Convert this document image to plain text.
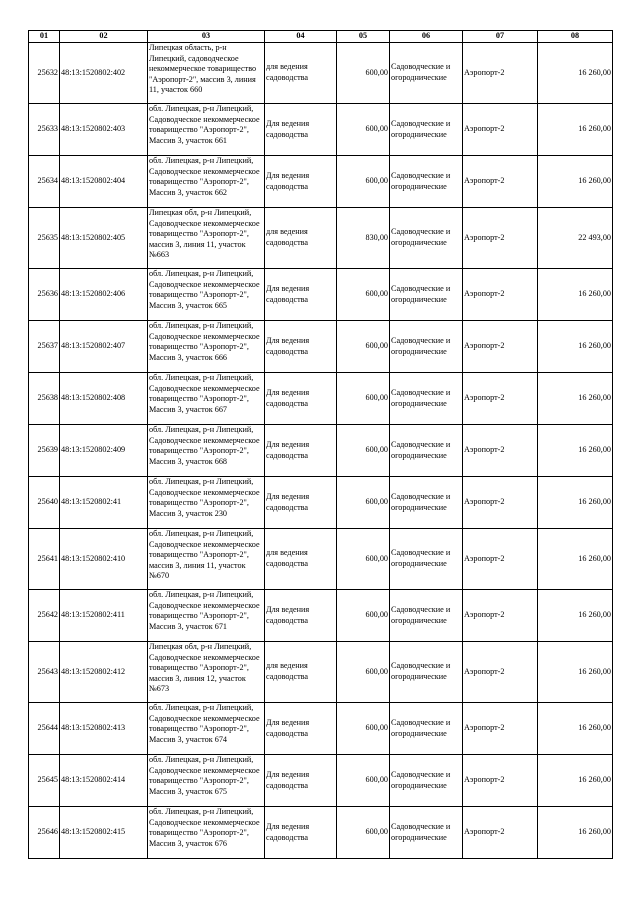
01	02	03	04	05	06	07	08
25632	48:13:1520802:402	Липецкая область, р-н Липецкий, садоводческое некоммерческое товарищество "Аэропорт-2", массив 3, линия 11, участок 660	для ведения садоводства	600,00	Садоводческие и огороднические	Аэропорт-2	16 260,00
25633	48:13:1520802:403	обл. Липецкая, р-н Липецкий, Садоводческое некоммерческое товарищество "Аэропорт-2", Массив 3, участок 661	Для ведения садоводства	600,00	Садоводческие и огороднические	Аэропорт-2	16 260,00
25634	48:13:1520802:404	обл. Липецкая, р-н Липецкий, Садоводческое некоммерческое товарищество "Аэропорт-2", Массив 3, участок 662	Для ведения садоводства	600,00	Садоводческие и огороднические	Аэропорт-2	16 260,00
25635	48:13:1520802:405	Липецкая обл, р-н Липецкий, Садоводческое некоммерческое товарищество "Аэропорт-2", массив 3, линия 11, участок №663	для ведения садоводства	830,00	Садоводческие и огороднические	Аэропорт-2	22 493,00
25636	48:13:1520802:406	обл. Липецкая, р-н Липецкий, Садоводческое некоммерческое товарищество "Аэропорт-2", Массив 3, участок 665	Для ведения садоводства	600,00	Садоводческие и огороднические	Аэропорт-2	16 260,00
25637	48:13:1520802:407	обл. Липецкая, р-н Липецкий, Садоводческое некоммерческое товарищество "Аэропорт-2", Массив 3, участок 666	Для ведения садоводства	600,00	Садоводческие и огороднические	Аэропорт-2	16 260,00
25638	48:13:1520802:408	обл. Липецкая, р-н Липецкий, Садоводческое некоммерческое товарищество "Аэропорт-2", Массив 3, участок 667	Для ведения садоводства	600,00	Садоводческие и огороднические	Аэропорт-2	16 260,00
25639	48:13:1520802:409	обл. Липецкая, р-н Липецкий, Садоводческое некоммерческое товарищество "Аэропорт-2", Массив 3, участок 668	Для ведения садоводства	600,00	Садоводческие и огороднические	Аэропорт-2	16 260,00
25640	48:13:1520802:41	обл. Липецкая, р-н Липецкий, Садоводческое некоммерческое товарищество "Аэропорт-2", Массив 3, участок 230	Для ведения садоводства	600,00	Садоводческие и огороднические	Аэропорт-2	16 260,00
25641	48:13:1520802:410	обл. Липецкая, р-н Липецкий, Садоводческое некоммерческое товарищество "Аэропорт-2", массив 3, линия 11, участок №670	для ведения садоводства	600,00	Садоводческие и огороднические	Аэропорт-2	16 260,00
25642	48:13:1520802:411	обл. Липецкая, р-н Липецкий, Садоводческое некоммерческое товарищество "Аэропорт-2", Массив 3, участок 671	Для ведения садоводства	600,00	Садоводческие и огороднические	Аэропорт-2	16 260,00
25643	48:13:1520802:412	Липецкая обл, р-н Липецкий, Садоводческое некоммерческое товарищество "Аэропорт-2", массив 3, линия 12, участок №673	для ведения садоводства	600,00	Садоводческие и огороднические	Аэропорт-2	16 260,00
25644	48:13:1520802:413	обл. Липецкая, р-н Липецкий, Садоводческое некоммерческое товарищество "Аэропорт-2", Массив 3, участок 674	Для ведения садоводства	600,00	Садоводческие и огороднические	Аэропорт-2	16 260,00
25645	48:13:1520802:414	обл. Липецкая, р-н Липецкий, Садоводческое некоммерческое товарищество "Аэропорт-2", Массив 3, участок 675	Для ведения садоводства	600,00	Садоводческие и огороднические	Аэропорт-2	16 260,00
25646	48:13:1520802:415	обл. Липецкая, р-н Липецкий, Садоводческое некоммерческое товарищество "Аэропорт-2", Массив 3, участок 676	Для ведения садоводства	600,00	Садоводческие и огороднические	Аэропорт-2	16 260,00
